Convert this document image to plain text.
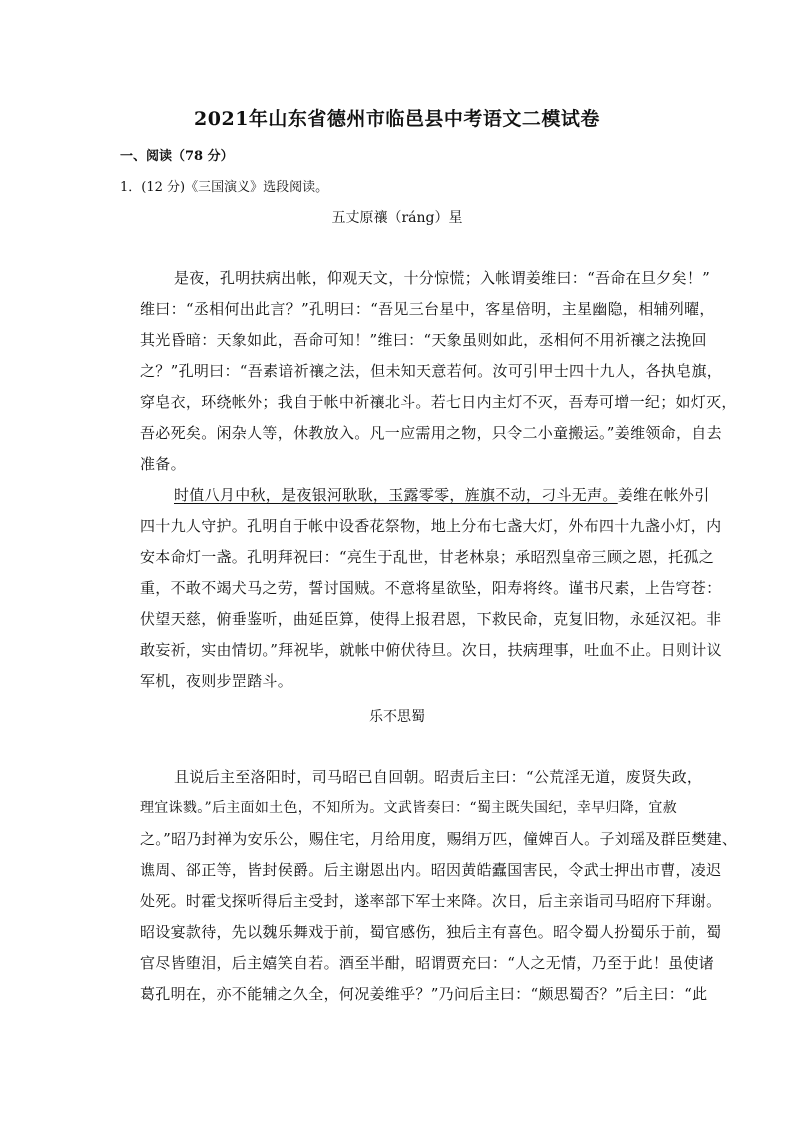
2021年山东省德州市临邑县中考语文二模试卷
一、阅读（78 分）
1．(12 分)《三国演义》选段阅读。
五丈原禳（ráng）星
是夜，孔明扶病出帐，仰观天文，十分惊慌；入帐谓姜维曰：“吾命在旦夕矣！”
维曰：“丞相何出此言？”孔明曰：“吾见三台星中，客星倍明，主星幽隐，相辅列曜，
其光昏暗：天象如此，吾命可知！”维曰：“天象虽则如此，丞相何不用祈禳之法挽回
之？”孔明曰：“吾素谙祈禳之法，但未知天意若何。汝可引甲士四十九人，各执皂旗，
穿皂衣，环绕帐外；我自于帐中祈禳北斗。若七日内主灯不灭，吾寿可增一纪；如灯灭，
吾必死矣。闲杂人等，休教放入。凡一应需用之物，只令二小童搬运。”姜维领命，自去
准备。
时值八月中秋，是夜银河耿耿，玉露零零，旌旗不动，刁斗无声。姜维在帐外引
四十九人守护。孔明自于帐中设香花祭物，地上分布七盏大灯，外布四十九盏小灯，内
安本命灯一盏。孔明拜祝曰：“亮生于乱世，甘老林泉；承昭烈皇帝三顾之恩，托孤之
重，不敢不竭犬马之劳，誓讨国贼。不意将星欲坠，阳寿将终。谨书尺素，上告穹苍：
伏望天慈，俯垂鉴听，曲延臣算，使得上报君恩，下救民命，克复旧物，永延汉祀。非
敢妄祈，实由情切。”拜祝毕，就帐中俯伏待旦。次日，扶病理事，吐血不止。日则计议
军机，夜则步罡踏斗。
乐不思蜀
且说后主至洛阳时，司马昭已自回朝。昭责后主曰：“公荒淫无道，废贤失政，
理宜诛戮。”后主面如土色，不知所为。文武皆奏曰：“蜀主既失国纪，幸早归降，宜赦
之。”昭乃封禅为安乐公，赐住宅，月给用度，赐绢万匹，僮婢百人。子刘瑶及群臣樊建、
谯周、郤正等，皆封侯爵。后主谢恩出内。昭因黄皓蠹国害民，令武士押出市曹，凌迟
处死。时霍戈探听得后主受封，遂率部下军士来降。次日，后主亲诣司马昭府下拜谢。
昭设宴款待，先以魏乐舞戏于前，蜀官感伤，独后主有喜色。昭令蜀人扮蜀乐于前，蜀
官尽皆堕泪，后主嬉笑自若。酒至半酣，昭谓贾充曰：“人之无情，乃至于此！虽使诸
葛孔明在，亦不能辅之久全，何况姜维乎？”乃问后主曰：“颇思蜀否？”后主曰：“此
